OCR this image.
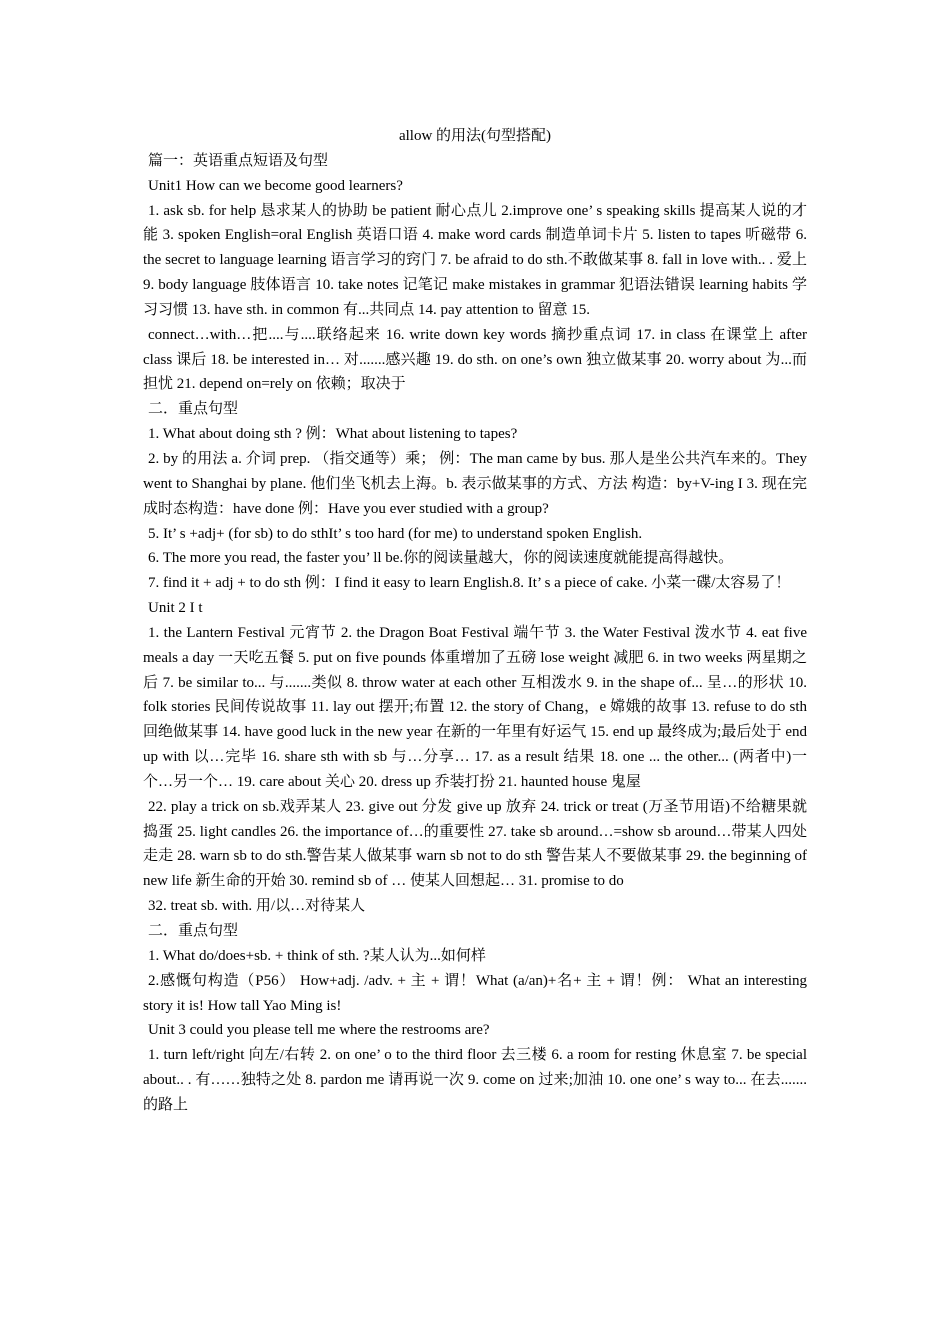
allow 的用法(句型搭配)

篇一：英语重点短语及句型

Unit1 How can we become good learners?

1. ask sb. for help 恳求某人的协助 be patient 耐心点儿 2.improve one’ s speaking skills 提高某人说的才能 3. spoken English=oral English 英语口语 4. make word cards 制造单词卡片 5. listen to tapes 听磁带 6. the secret to language learning 语言学习的窍门 7. be afraid to do sth.不敢做某事 8. fall in love with.. . 爱上 9. body language 肢体语言 10. take notes 记笔记 make mistakes in grammar 犯语法错误 learning habits 学习习惯 13. have sth. in common 有...共同点 14. pay attention to 留意 15.

connect…with…把....与....联络起来 16. write down key words 摘抄重点词 17. in class 在课堂上 after class 课后 18. be interested in… 对.......感兴趣 19. do sth. on one’s own 独立做某事 20. worry about 为...而担忧 21. depend on=rely on 依赖；取决于

二．重点句型

1. What about doing sth ? 例：What about listening to tapes?

2. by 的用法 a. 介词 prep. （指交通等）乘； 例：The man came by bus. 那人是坐公共汽车来的。They went to Shanghai by plane. 他们坐飞机去上海。b. 表示做某事的方式、方法 构造：by+V-ing I 3. 现在完成时态构造：have done 例：Have you ever studied with a group?

5. It’ s +adj+ (for sb) to do sthIt’ s too hard (for me) to understand spoken English.

6. The more you read, the faster you’ ll be.你的阅读量越大，你的阅读速度就能提高得越快。

7. find it + adj + to do sth 例：I find it easy to learn English.8. It’ s a piece of cake. 小菜一碟/太容易了！

Unit 2 I t

1. the Lantern Festival 元宵节 2. the Dragon Boat Festival 端午节 3. the Water Festival 泼水节 4. eat five meals a day 一天吃五餐 5. put on five pounds 体重增加了五磅 lose weight 减肥 6. in two weeks 两星期之后 7. be similar to... 与.......类似 8. throw water at each other 互相泼水 9. in the shape of... 呈…的形状 10. folk stories 民间传说故事 11. lay out 摆开;布置 12. the story of Chang，e 嫦娥的故事 13. refuse to do sth 回绝做某事 14. have good luck in the new year 在新的一年里有好运气 15. end up 最终成为;最后处于 end up with 以…完毕 16. share sth with sb 与…分享… 17. as a result 结果 18. one ... the other... (两者中)一个…另一个… 19. care about 关心 20. dress up 乔装打扮 21. haunted house 鬼屋

22. play a trick on sb.戏弄某人 23. give out 分发 give up 放弃 24. trick or treat (万圣节用语)不给糖果就捣蛋 25. light candles 26. the importance of…的重要性 27. take sb around…=show sb around…带某人四处走走 28. warn sb to do sth.警告某人做某事 warn sb not to do sth 警告某人不要做某事 29. the beginning of new life 新生命的开始 30. remind sb of … 使某人回想起… 31. promise to do

32. treat sb. with. 用/以…对待某人

二．重点句型

1. What do/does+sb. + think of sth. ?某人认为...如何样

2.感慨句构造（P56） How+adj. /adv. + 主 + 谓！What (a/an)+名+ 主 + 谓！例： What an interesting story it is! How tall Yao Ming is!

Unit 3 could you please tell me where the restrooms are?

1. turn left/right 向左/右转 2. on one’ o to the third floor 去三楼 6. a room for resting 休息室 7. be special about.. . 有……独特之处 8. pardon me 请再说一次 9. come on 过来;加油 10. one one’ s way to... 在去.......的路上
